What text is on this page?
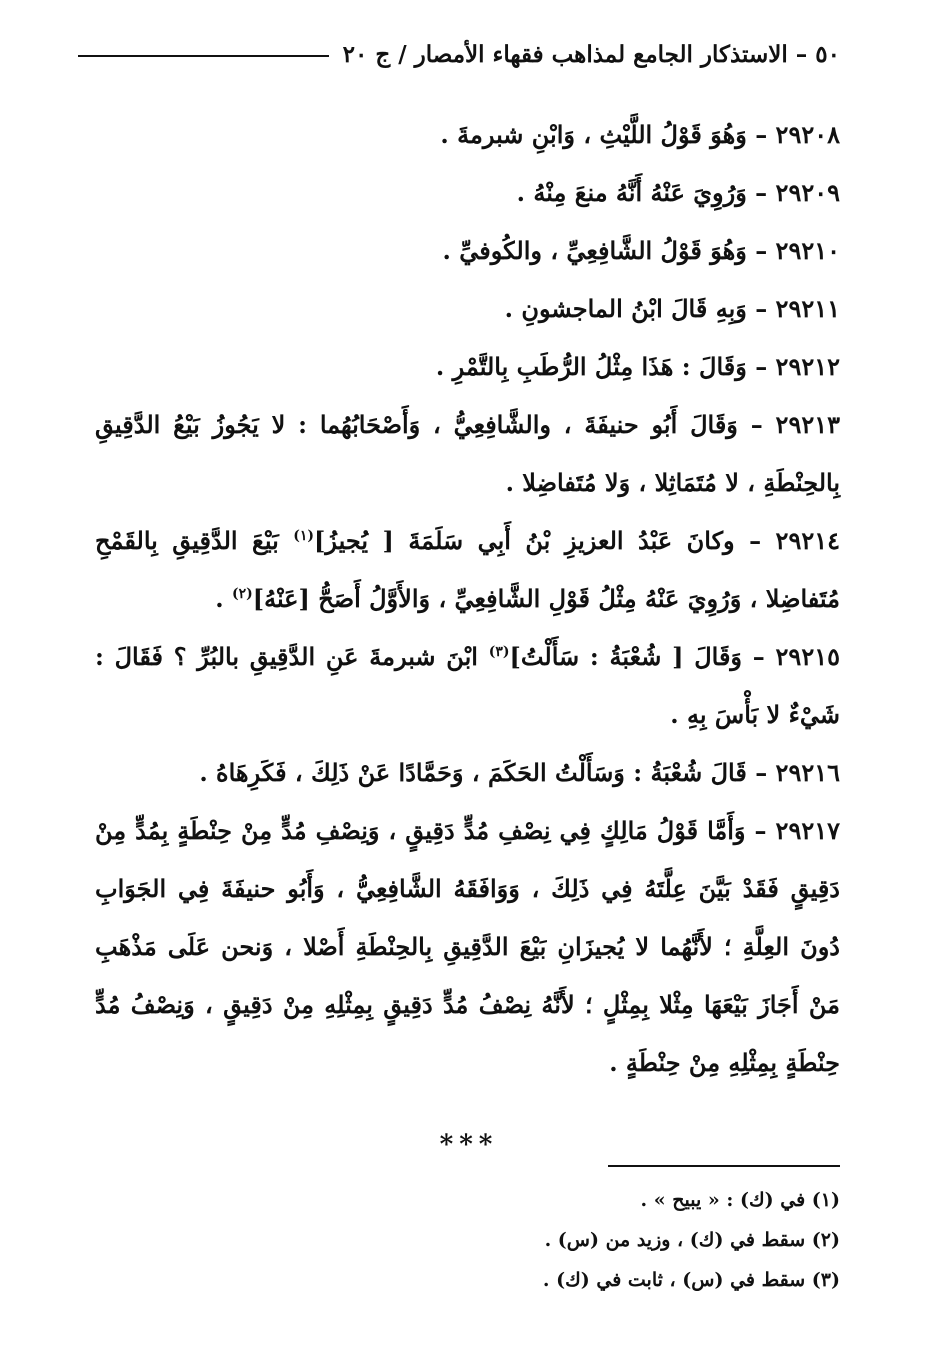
٥٠ – الاستذكار الجامع لمذاهب فقهاء الأمصار / ج ٢٠

٢٩٢٠٨ – وَهُوَ قَوْلُ اللَّيْثِ ، وَابْنِ شبرمةَ .

٢٩٢٠٩ – وَرُوِيَ عَنْهُ أَنَّهُ منعَ مِنْهُ .

٢٩٢١٠ – وَهُوَ قَوْلُ الشَّافِعِيِّ ، والكُوفيِّ .

٢٩٢١١ – وَبِهِ قَالَ ابْنُ الماجشونِ .

٢٩٢١٢ – وَقَالَ : هَذَا مِثْلُ الرُّطَبِ بِالتَّمْرِ .

٢٩٢١٣ – وَقَالَ أَبُو حنيفَةَ ، والشَّافِعِيُّ ، وَأَصْحَابُهُما : لا يَجُوزُ بَيْعُ الدَّقِيقِ بِالحِنْطَةِ ، لا مُتَمَاثِلا ، وَلا مُتَفاضِلا .

٢٩٢١٤ – وكانَ عَبْدُ العزيزِ بْنُ أَبِي سَلَمَةَ [ يُجيزُ]$^{(١)}$ بَيْعَ الدَّقِيقِ بِالقَمْحِ مُتَفاضِلا ، وَرُوِيَ عَنْهُ مِثْلُ قَوْلِ الشَّافِعِيِّ ، وَالأَوَّلُ أَصَحُّ [عَنْهُ]$^{(٢)}$ .

٢٩٢١٥ – وَقَالَ [ شُعْبَةُ : سَأَلْتُ]$^{(٣)}$ ابْنَ شبرمةَ عَنِ الدَّقِيقِ بالبُرِّ ؟ فَقَالَ : شَيْءٌ لا بَأْسَ بِهِ .

٢٩٢١٦ – قَالَ شُعْبَةُ : وَسَأَلْتُ الحَكَمَ ، وَحَمَّادًا عَنْ ذَلِكَ ، فَكَرِهَاهُ .

٢٩٢١٧ – وَأَمَّا قَوْلُ مَالِكٍ فِي نِصْفِ مُدٍّ دَقِيقٍ ، وَنِصْفِ مُدٍّ مِنْ حِنْطَةٍ بِمُدٍّ مِنْ دَقِيقٍ فَقَدْ بَيَّنَ عِلَّتَهُ فِي ذَلِكَ ، وَوَافَقَهُ الشَّافِعِيُّ ، وَأَبُو حنيفَةَ فِي الجَوَابِ دُونَ العِلَّةِ ؛ لأَنَّهُما لا يُجيزَانِ بَيْعَ الدَّقِيقِ بِالحِنْطَةِ أَصْلا ، وَنحن عَلَى مَذْهَبِ مَنْ أَجَازَ بَيْعَهَا مِثْلا بِمِثْلٍ ؛ لأَنَّهُ نِصْفُ مُدٍّ دَقِيقٍ بِمِثْلِهِ مِنْ دَقِيقٍ ، وَنِصْفُ مُدٍّ حِنْطَةٍ بِمِثْلِهِ مِنْ حِنْطَةٍ .

***

(١) في (ك) : « يبيح » .

(٢) سقط في (ك) ، وزيد من (س) .

(٣) سقط في (س) ، ثابت في (ك) .
